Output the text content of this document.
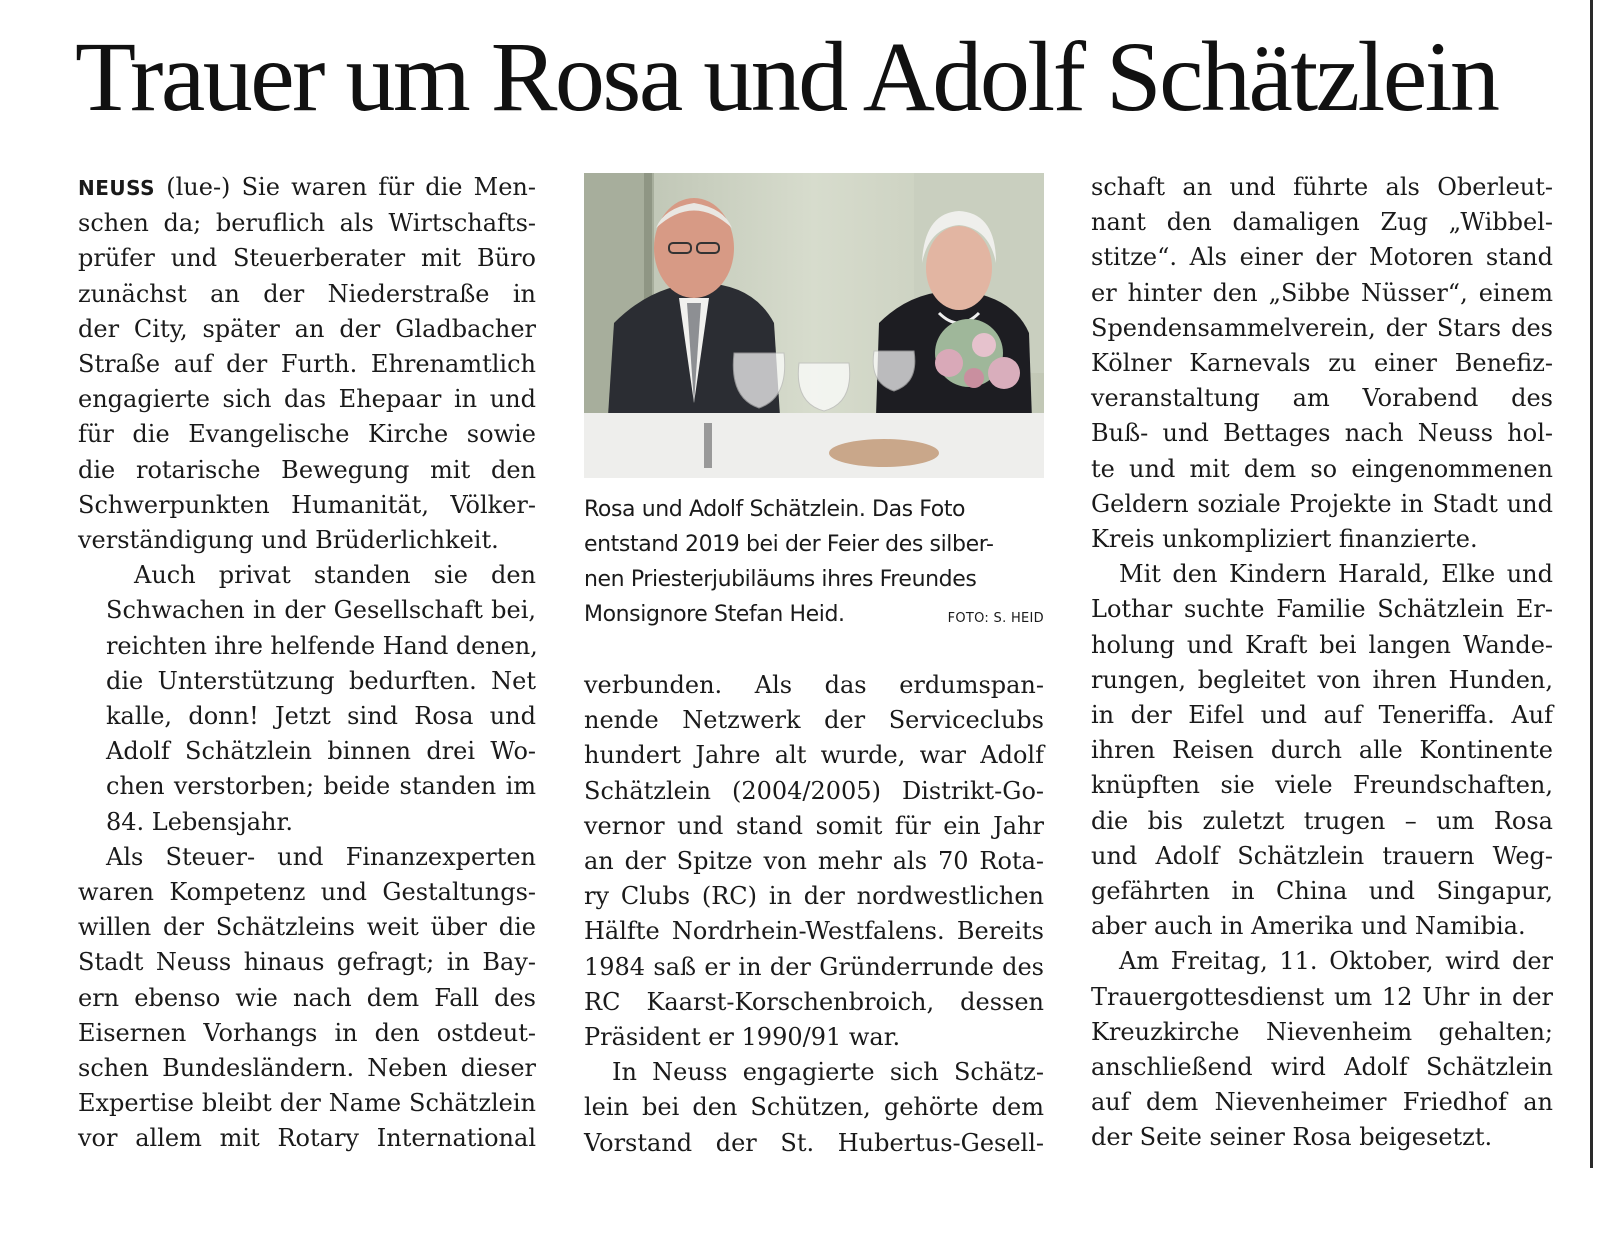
Trauer um Rosa und Adolf Schätzlein

NEUSS (lue-) Sie waren für die Men-
schen da; beruflich als Wirtschafts-
prüfer und Steuerberater mit Büro
zunächst an der Niederstraße in
der City, später an der Gladbacher
Straße auf der Furth. Ehrenamtlich
engagierte sich das Ehepaar in und
für die Evangelische Kirche sowie
die rotarische Bewegung mit den
Schwerpunkten Humanität, Völker-
verständigung und Brüderlichkeit.

Auch privat standen sie den
Schwachen in der Gesellschaft bei,
reichten ihre helfende Hand denen,
die Unterstützung bedurften. Net
kalle, donn! Jetzt sind Rosa und
Adolf Schätzlein binnen drei Wo-
chen verstorben; beide standen im
84. Lebensjahr.

Als Steuer- und Finanzexperten
waren Kompetenz und Gestaltungs-
willen der Schätzleins weit über die
Stadt Neuss hinaus gefragt; in Bay-
ern ebenso wie nach dem Fall des
Eisernen Vorhangs in den ostdeut-
schen Bundesländern. Neben dieser
Expertise bleibt der Name Schätzlein
vor allem mit Rotary International

Rosa und Adolf Schätzlein. Das Foto
entstand 2019 bei der Feier des silber-
nen Priesterjubiläums ihres Freundes
Monsignore Stefan Heid.	FOTO: S. HEID

verbunden. Als das erdumspan-
nende Netzwerk der Serviceclubs
hundert Jahre alt wurde, war Adolf
Schätzlein (2004/2005) Distrikt-Go-
vernor und stand somit für ein Jahr
an der Spitze von mehr als 70 Rota-
ry Clubs (RC) in der nordwestlichen
Hälfte Nordrhein-Westfalens. Bereits
1984 saß er in der Gründerrunde des
RC Kaarst-Korschenbroich, dessen
Präsident er 1990/91 war.

In Neuss engagierte sich Schätz-
lein bei den Schützen, gehörte dem
Vorstand der St. Hubertus-Gesell-

schaft an und führte als Oberleut-
nant den damaligen Zug „Wibbel-
stitze“. Als einer der Motoren stand
er hinter den „Sibbe Nüsser“, einem
Spendensammelverein, der Stars des
Kölner Karnevals zu einer Benefiz-
veranstaltung am Vorabend des
Buß- und Bettages nach Neuss hol-
te und mit dem so eingenommenen
Geldern soziale Projekte in Stadt und
Kreis unkompliziert finanzierte.

Mit den Kindern Harald, Elke und
Lothar suchte Familie Schätzlein Er-
holung und Kraft bei langen Wande-
rungen, begleitet von ihren Hunden,
in der Eifel und auf Teneriffa. Auf
ihren Reisen durch alle Kontinente
knüpften sie viele Freundschaften,
die bis zuletzt trugen – um Rosa
und Adolf Schätzlein trauern Weg-
gefährten in China und Singapur,
aber auch in Amerika und Namibia.

Am Freitag, 11. Oktober, wird der
Trauergottesdienst um 12 Uhr in der
Kreuzkirche Nievenheim gehalten;
anschließend wird Adolf Schätzlein
auf dem Nievenheimer Friedhof an
der Seite seiner Rosa beigesetzt.
